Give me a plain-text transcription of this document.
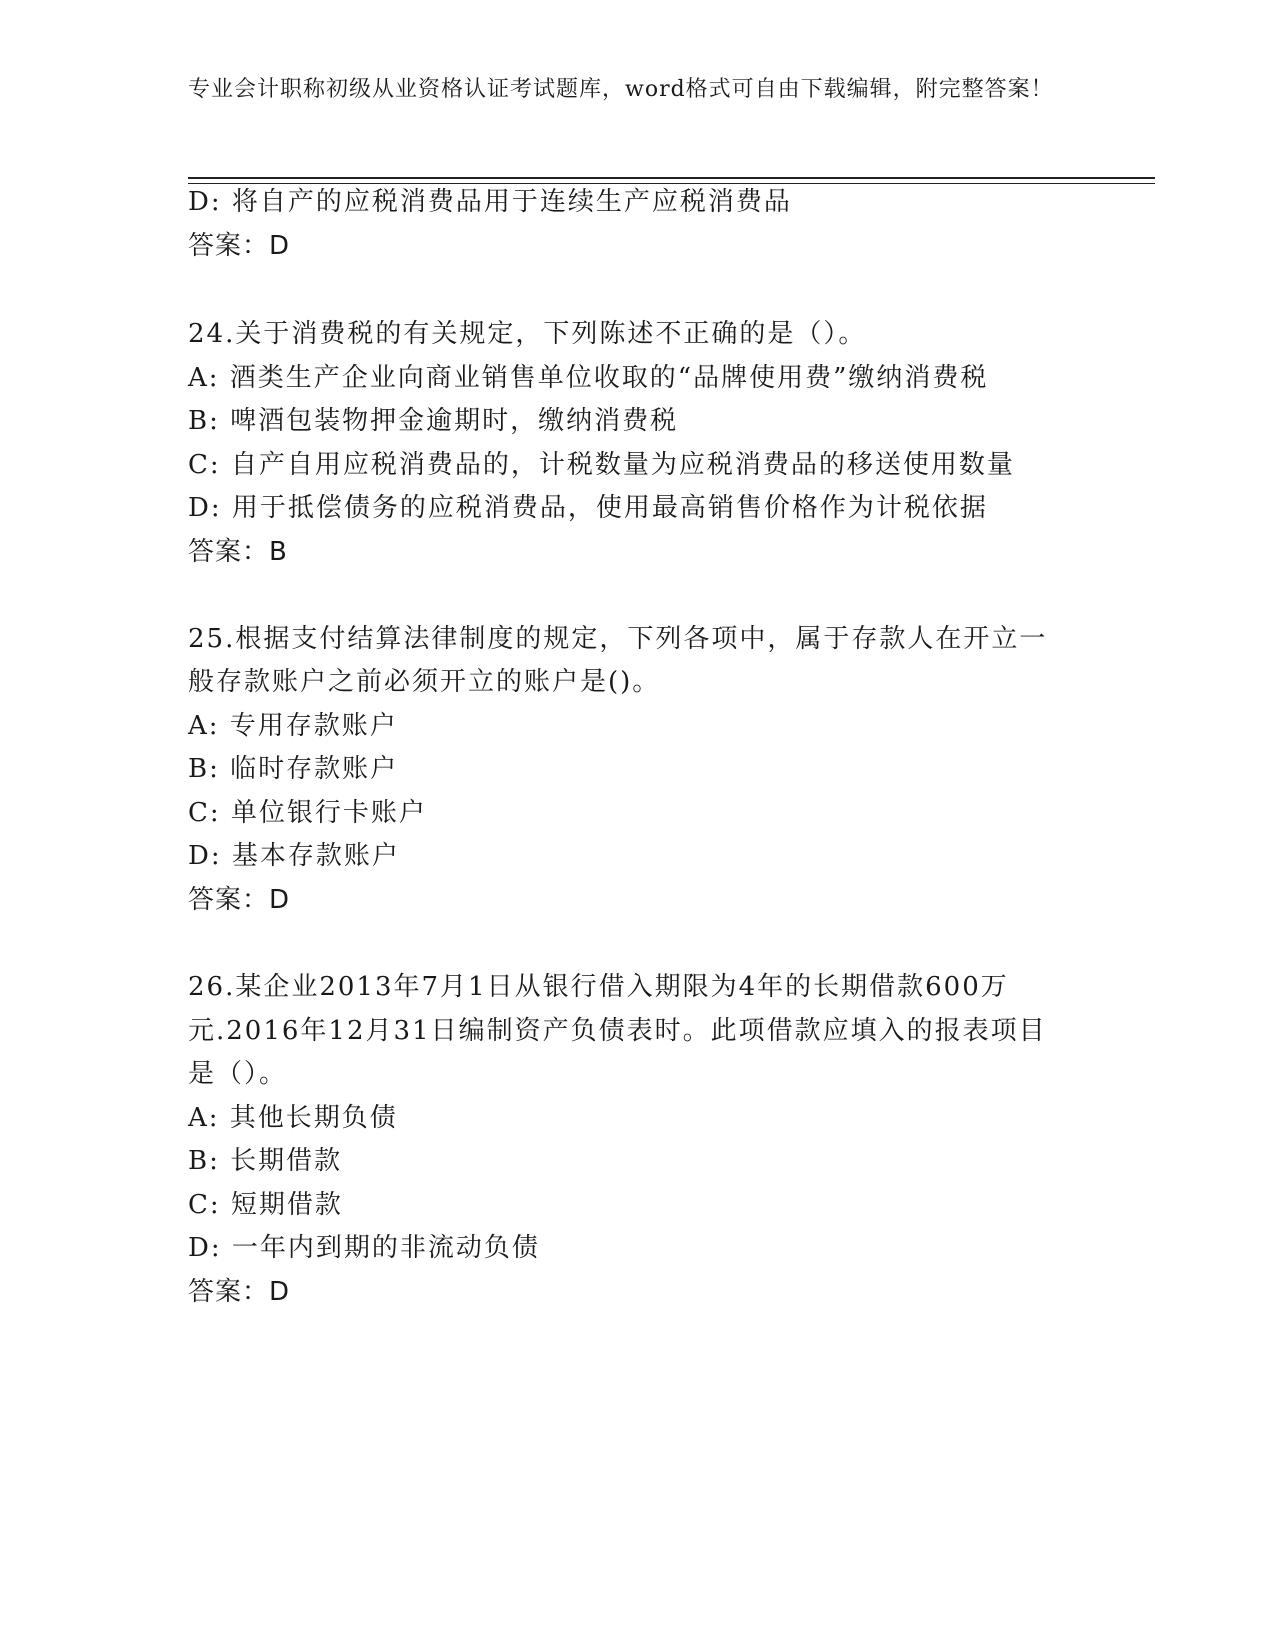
专业会计职称初级从业资格认证考试题库，word格式可自由下载编辑，附完整答案！
D: 将自产的应税消费品用于连续生产应税消费品
答案：D
24.关于消费税的有关规定，下列陈述不正确的是（）。
A: 酒类生产企业向商业销售单位收取的“品牌使用费”缴纳消费税
B: 啤酒包装物押金逾期时，缴纳消费税
C: 自产自用应税消费品的，计税数量为应税消费品的移送使用数量
D: 用于抵偿债务的应税消费品，使用最高销售价格作为计税依据
答案：B
25.根据支付结算法律制度的规定，下列各项中，属于存款人在开立一
般存款账户之前必须开立的账户是()。
A: 专用存款账户
B: 临时存款账户
C: 单位银行卡账户
D: 基本存款账户
答案：D
26.某企业2013年7月1日从银行借入期限为4年的长期借款600万
元.2016年12月31日编制资产负债表时。此项借款应填入的报表项目
是（）。
A: 其他长期负债
B: 长期借款
C: 短期借款
D: 一年内到期的非流动负债
答案：D
